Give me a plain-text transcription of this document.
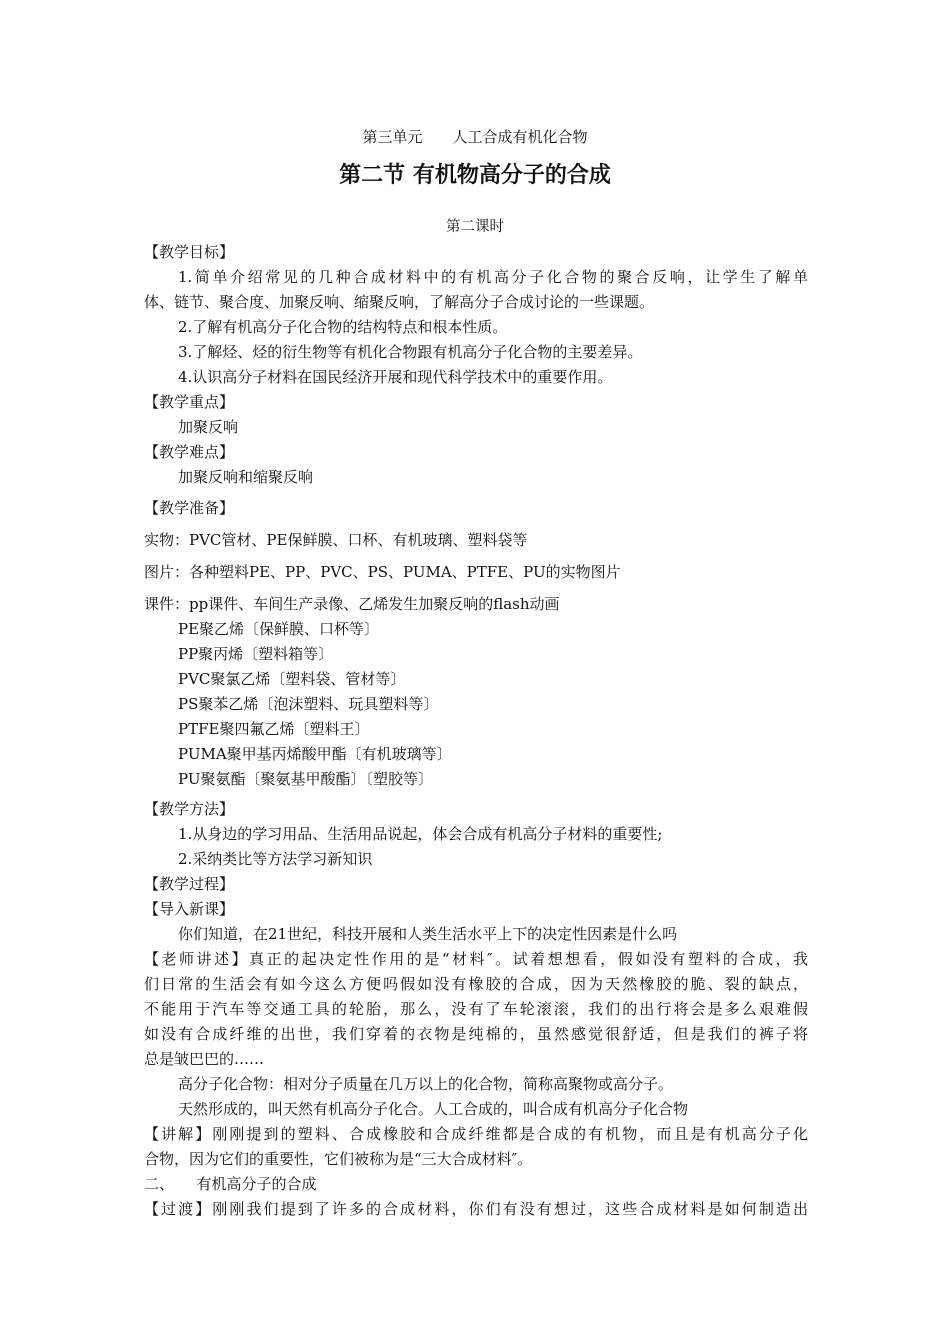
第三单元　　人工合成有机化合物
第二节 有机物高分子的合成
第二课时
【教学目标】
1.简单介绍常见的几种合成材料中的有机高分子化合物的聚合反响，让学生了解单
体、链节、聚合度、加聚反响、缩聚反响，了解高分子合成讨论的一些课题。
2.了解有机高分子化合物的结构特点和根本性质。
3.了解烃、烃的衍生物等有机化合物跟有机高分子化合物的主要差异。
4.认识高分子材料在国民经济开展和现代科学技术中的重要作用。
【教学重点】
加聚反响
【教学难点】
加聚反响和缩聚反响
【教学准备】
实物：PVC管材、PE保鲜膜、口杯、有机玻璃、塑料袋等
图片：各种塑料PE、PP、PVC、PS、PUMA、PTFE、PU的实物图片
课件：pp课件、车间生产录像、乙烯发生加聚反响的flash动画
PE聚乙烯〔保鲜膜、口杯等〕
PP聚丙烯〔塑料箱等〕
PVC聚氯乙烯〔塑料袋、管材等〕
PS聚苯乙烯〔泡沫塑料、玩具塑料等〕
PTFE聚四氟乙烯〔塑料王〕
PUMA聚甲基丙烯酸甲酯〔有机玻璃等〕
PU聚氨酯〔聚氨基甲酸酯〕〔塑胶等〕
【教学方法】
1.从身边的学习用品、生活用品说起，体会合成有机高分子材料的重要性;
2.采纳类比等方法学习新知识
【教学过程】
【导入新课】
你们知道，在21世纪，科技开展和人类生活水平上下的决定性因素是什么吗
【老师讲述】真正的起决定性作用的是“材料″。试着想想看，假如没有塑料的合成，我
们日常的生活会有如今这么方便吗假如没有橡胶的合成，因为天然橡胶的脆、裂的缺点，
不能用于汽车等交通工具的轮胎，那么，没有了车轮滚滚，我们的出行将会是多么艰难假
如没有合成纤维的出世，我们穿着的衣物是纯棉的，虽然感觉很舒适，但是我们的裤子将
总是皱巴巴的……
高分子化合物：相对分子质量在几万以上的化合物，简称高聚物或高分子。
天然形成的，叫天然有机高分子化合。人工合成的，叫合成有机高分子化合物
【讲解】刚刚提到的塑料、合成橡胶和合成纤维都是合成的有机物，而且是有机高分子化
合物，因为它们的重要性，它们被称为是“三大合成材料″。
二、　　有机高分子的合成
【过渡】刚刚我们提到了许多的合成材料，你们有没有想过，这些合成材料是如何制造出
